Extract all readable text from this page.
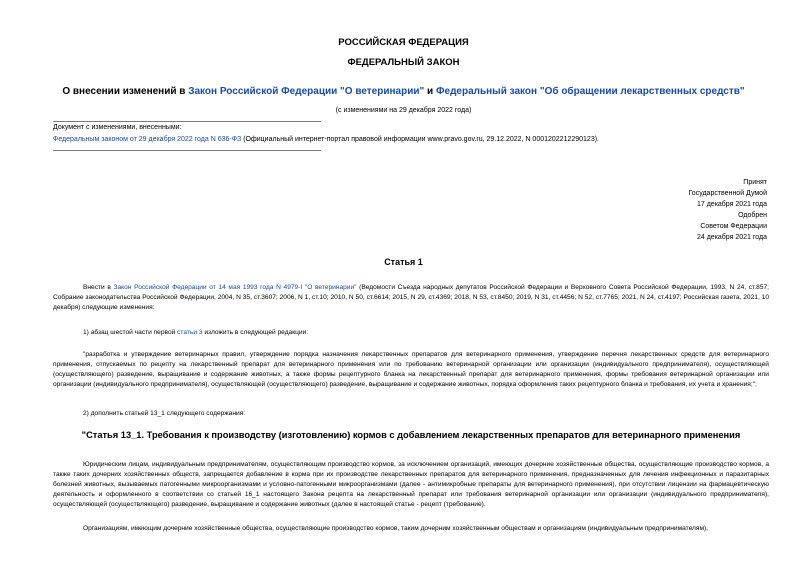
РОССИЙСКАЯ ФЕДЕРАЦИЯ
ФЕДЕРАЛЬНЫЙ ЗАКОН
О внесении изменений в Закон Российской Федерации "О ветеринарии" и Федеральный закон "Об обращении лекарственных средств"
(с изменениями на 29 декабря 2022 года)
Документ с изменениями, внесенными:
Федеральным законом от 29 декабря 2022 года N 636-ФЗ (Официальный интернет-портал правовой информации www.pravo.gov.ru, 29.12.2022, N 0001202212290123).
Принят
Государственной Думой
17 декабря 2021 года
Одобрен
Советом Федерации
24 декабря 2021 года
Статья 1
Внести в Закон Российской Федерации от 14 мая 1993 года N 4979-I "О ветеринарии" (Ведомости Съезда народных депутатов Российской Федерации и Верховного Совета Российской Федерации, 1993, N 24, ст.857; Собрание законодательства Российской Федерации, 2004, N 35, ст.3607; 2006, N 1, ст.10; 2010, N 50, ст.6614; 2015, N 29, ст.4369; 2018, N 53, ст.8450; 2019, N 31, ст.4456; N 52, ст.7765; 2021, N 24, ст.4197; Российская газета, 2021, 10 декабря) следующие изменения:
1) абзац шестой части первой статьи 3 изложить в следующей редакции:
"разработка и утверждение ветеринарных правил, утверждение порядка назначения лекарственных препаратов для ветеринарного применения, утверждение перечня лекарственных средств для ветеринарного применения, отпускаемых по рецепту на лекарственный препарат для ветеринарного применения или по требованию ветеринарной организации или организации (индивидуального предпринимателя), осуществляющей (осуществляющего) разведение, выращивание и содержание животных, а также формы рецептурного бланка на лекарственный препарат для ветеринарного применения, формы требования ветеринарной организации или организации (индивидуального предпринимателя), осуществляющей (осуществляющего) разведение, выращивание и содержание животных, порядка оформления таких рецептурного бланка и требования, их учета и хранения;";
2) дополнить статьей 13_1 следующего содержания:
"Статья 13_1. Требования к производству (изготовлению) кормов с добавлением лекарственных препаратов для ветеринарного применения
Юридическим лицам, индивидуальным предпринимателям, осуществляющим производство кормов, за исключением организаций, имеющих дочерние хозяйственные общества, осуществляющие производство кормов, а также таких дочерних хозяйственных обществ, запрещается добавление в корма при их производстве лекарственных препаратов для ветеринарного применения, предназначенных для лечения инфекционных и паразитарных болезней животных, вызываемых патогенными микроорганизмами и условно-патогенными микроорганизмами (далее - антимикробные препараты для ветеринарного применения), при отсутствии лицензии на фармацевтическую деятельность и оформленного в соответствии со статьей 16_1 настоящего Закона рецепта на лекарственный препарат или требования ветеринарной организации или организации (индивидуального предпринимателя), осуществляющей (осуществляющего) разведение, выращивание и содержание животных (далее в настоящей статье - рецепт (требование).
Организациям, имеющим дочерние хозяйственные общества, осуществляющие производство кормов, таким дочерним хозяйственным обществам и организациям (индивидуальным предпринимателям),
